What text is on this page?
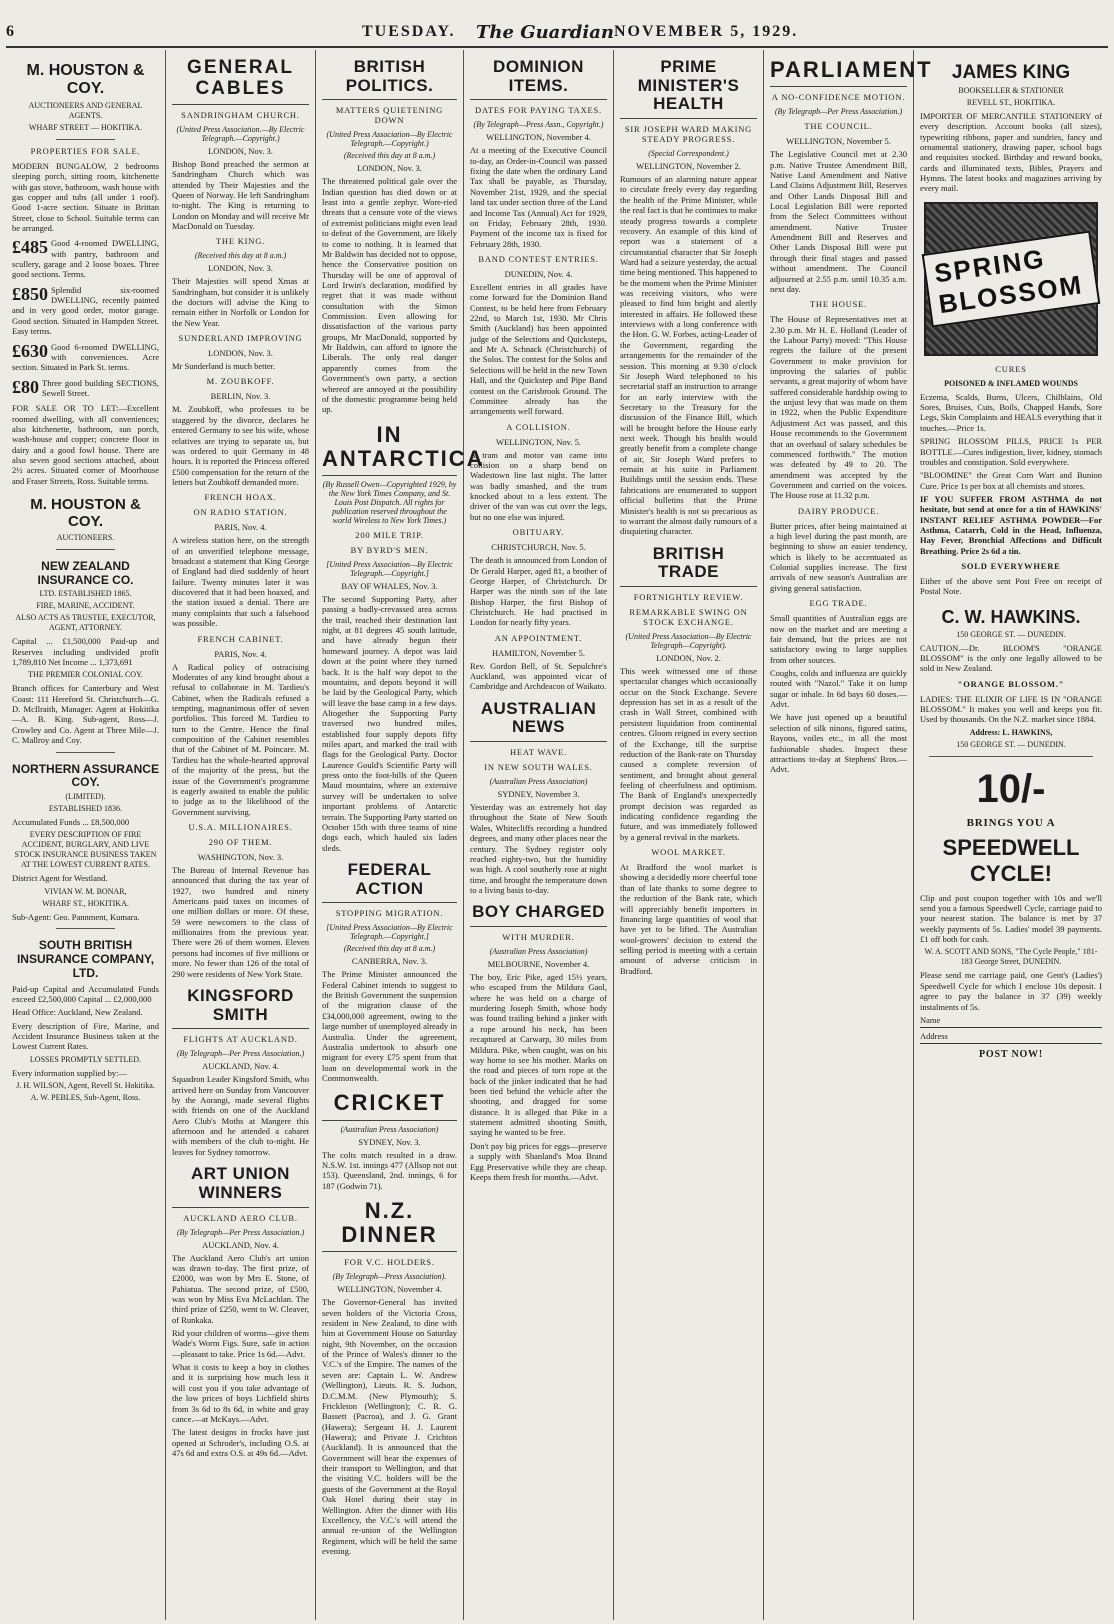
6	TUESDAY. The Guardian NOVEMBER 5, 1929.
M. HOUSTON & COY.
AUCTIONEERS AND GENERAL AGENTS.
WHARF STREET — HOKITIKA.
PROPERTIES FOR SALE.
MODERN BUNGALOW, 2 bedrooms sleeping porch, sitting room, kitchenette with gas stove, bathroom, wash house with gas copper and tubs (all under 1 roof). Good 1-acre section. Situate in Brittan Street, close to School. Suitable terms can be arranged.
£485 Good 4-roomed DWELLING, with pantry, bathroom and scullery, garage and 2 loose boxes. Three good sections. Terms.
£850 Splendid six-roomed DWELLING, recently painted and in very good order, motor garage. Good section. Situated in Hampden Street. Easy terms.
£630 Good 6-roomed DWELLING, with conveniences. Acre section. Situated in Park St. terms.
£80 Three good building SECTIONS, Sewell Street.
FOR SALE OR TO LET:—Excellent roomed dwelling, with all conveniences; also kitchenette, bathroom, sun porch, wash-house and copper; concrete floor in dairy and a good fowl house. There are also seven good sections attached, about 2½ acres. Situated corner of Moorhouse and Fraser Streets, Ross. Suitable terms.
M. HOUSTON & COY.
AUCTIONEERS.
NEW ZEALAND INSURANCE CO.
LTD. ESTABLISHED 1865.
FIRE, MARINE, ACCIDENT.
ALSO ACTS AS TRUSTEE, EXECUTOR, AGENT, ATTORNEY.
Capital ... £1,500,000 Paid-up and Reserves including undivided profit 1,789,810 Net Income ... 1,373,691
THE PREMIER COLONIAL COY.
Branch offices for Canterbury and West Coast: 111 Hereford St. Christchurch—G. D. McIlraith, Manager. Agent at Hokitika—A. B. King. Sub-agent, Ross—J. Crowley and Co. Agent at Three Mile—J. C. Mallroy and Coy.
NORTHERN ASSURANCE COY.
(LIMITED).
ESTABLISHED 1836.
Accumulated Funds ... £8,500,000
EVERY DESCRIPTION OF FIRE ACCIDENT, BURGLARY, AND LIVE STOCK INSURANCE BUSINESS TAKEN AT THE LOWEST CURRENT RATES.
District Agent for Westland.
VIVIAN W. M. BONAR,
WHARF ST., HOKITIKA.
Sub-Agent: Geo. Pannment, Kumara.
SOUTH BRITISH INSURANCE COMPANY, LTD.
Paid-up Capital and Accumulated Funds exceed £2,500,000 Capital ... £2,000,000
Head Office: Auckland, New Zealand.
Every description of Fire, Marine, and Accident Insurance Business taken at the Lowest Current Rates.
LOSSES PROMPTLY SETTLED.
Every information supplied by:—
J. H. WILSON, Agent, Revell St. Hokitika.
A. W. PEBLES, Sub-Agent, Ross.
GENERAL CABLES
SANDRINGHAM CHURCH.
(United Press Association.—By Electric Telegraph.—Copyright.)
LONDON, Nov. 3.
Bishop Bond preached the sermon at Sandringham Church which was attended by Their Majesties and the Queen of Norway. He left Sandringham to-night. The King is returning to London on Monday and will receive Mr MacDonald on Tuesday.
THE KING.
(Received this day at 8 a.m.)
LONDON, Nov. 3.
Their Majesties will spend Xmas at Sandringham, but consider it is unlikely the doctors will advise the King to remain either in Norfolk or London for the New Year.
SUNDERLAND IMPROVING
LONDON, Nov. 3.
Mr Sunderland is much better.
M. ZOUBKOFF.
BERLIN, Nov. 3.
M. Zoubkoff, who professes to be staggered by the divorce, declares he entered Germany to see his wife, whose relatives are trying to separate us, but was ordered to quit Germany in 48 hours. It is reported the Princess offered £500 compensation for the return of the letters but Zoubkoff demanded more.
FRENCH HOAX.
ON RADIO STATION.
PARIS, Nov. 4.
A wireless station here, on the strength of an unverified telephone message, broadcast a statement that King George of England had died suddenly of heart failure. Twenty minutes later it was discovered that it had been hoaxed, and the station issued a denial. There are many complaints that such a falsehood was possible.
FRENCH CABINET.
PARIS, Nov. 4.
A Radical policy of ostracising Moderates of any kind brought about a refusal to collaborate in M. Tardieu's Cabinet, when the Radicals refused a tempting, magnanimous offer of seven portfolios. This forced M. Tardieu to turn to the Centre. Hence the final composition of the Cabinet resembles that of the Cabinet of M. Poincare. M. Tardieu has the whole-hearted approval of the majority of the press, but the issue of the Government's programme is eagerly awaited to enable the public to judge as to the likelihood of the Government surviving.
U.S.A. MILLIONAIRES.
290 OF THEM.
WASHINGTON, Nov. 3.
The Bureau of Internal Revenue has announced that during the tax year of 1927, two hundred and ninety Americans paid taxes on incomes of one million dollars or more. Of these, 59 were newcomers to the class of millionaires from the previous year. There were 26 of them women. Eleven persons had incomes of five millions or more. No fewer than 126 of the total of 290 were residents of New York State.
KINGSFORD SMITH
FLIGHTS AT AUCKLAND.
(By Telegraph—Per Press Association.)
AUCKLAND, Nov. 4.
Squadron Leader Kingsford Smith, who arrived here on Sunday from Vancouver by the Aorangi, made several flights with friends on one of the Auckland Aero Club's Moths at Mangere this afternoon and he attended a cabaret with members of the club to-night. He leaves for Sydney tomorrow.
ART UNION WINNERS
AUCKLAND AERO CLUB.
(By Telegraph—Per Press Association.)
AUCKLAND, Nov. 4.
The Auckland Aero Club's art union was drawn to-day. The first prize, of £2000, was won by Mrs E. Stone, of Pahiatua. The second prize, of £500, was won by Miss Eva McLachlan. The third prize of £250, went to W. Cleaver, of Runkaka.
Rid your children of worms—give them Wade's Worm Figs. Sure, safe in action—pleasant to take. Price 1s 6d.—Advt.
What it costs to keep a boy in clothes and it is surprising how much less it will cost you if you take advantage of the low prices of boys Lichfield shirts from 3s 6d to 8s 6d, in white and gray cance.—at McKays.—Advt.
The latest designs in frocks have just opened at Schroder's, including O.S. at 47s 6d and extra O.S. at 49s 6d.—Advt.
BRITISH POLITICS.
MATTERS QUIETENING DOWN
(United Press Association—By Electric Telegraph.—Copyright.)
(Received this day at 8 a.m.)
LONDON, Nov. 3.
The threatened political gale over the Indian question has died down or at least into a gentle zephyr. Wore-ried threats that a censure vote of the views of extremist politicians might even lead to defeat of the Government, are likely to come to nothing. It is learned that Mr Baldwin has decided not to oppose, hence the Conservative position on Thursday will be one of approval of Lord Irwin's declaration, modified by regret that it was made without consultation with the Simon Commission. Even allowing for dissatisfaction of the various party groups, Mr MacDonald, supported by Mr Baldwin, can afford to ignore the Liberals. The only real danger apparently comes from the Government's own party, a section whereof are annoyed at the possibility of the domestic programme being held up.
IN ANTARCTICA
(By Russell Owen—Copyrighted 1929, by the New York Times Company, and St. Louis Post Dispatch. All rights for publication reserved throughout the world Wireless to New York Times.)
200 MILE TRIP.
BY BYRD'S MEN.
[United Press Association—By Electric Telegraph.—Copyright.]
BAY OF WHALES, Nov. 3.
The second Supporting Party, after passing a badly-crevassed area across the trail, reached their destination last night, at 81 degrees 45 south latitude, and have already begun their homeward journey. A depot was laid down at the point where they turned back. It is the half way depot to the mountains, and depots beyond it will be laid by the Geological Party, which will leave the base camp in a few days. Altogether the Supporting Party traversed two hundred miles, established four supply depots fifty miles apart, and marked the trail with flags for the Geological Party. Doctor Laurence Gould's Scientific Party will press onto the foot-hills of the Queen Maud mountains, where an extensive survey will be undertaken to solve important problems of Antarctic terrain. The Supporting Party started on October 15th with three teams of nine dogs each, which hauled six laden sleds.
FEDERAL ACTION
STOPPING MIGRATION.
[United Press Association—By Electric Telegraph.—Copyright.]
(Received this day at 8 a.m.)
CANBERRA, Nov. 3.
The Prime Minister announced the Federal Cabinet intends to suggest to the British Government the suspension of the migration clause of the £34,000,000 agreement, owing to the large number of unemployed already in Australia. Under the agreement, Australia undertook to absorb one migrant for every £75 spent from that loan on developmental work in the Commonwealth.
CRICKET
(Australian Press Association)
SYDNEY, Nov. 3.
The colts match resulted in a draw. N.S.W. 1st. innings 477 (Allsop not out 153). Queensland, 2nd. innings, 6 for 187 (Godwin 71).
N.Z. DINNER
FOR V.C. HOLDERS.
(By Telegraph—Press Association).
WELLINGTON, November 4.
The Governor-General has invited seven holders of the Victoria Cross, resident in New Zealand, to dine with him at Government House on Saturday night, 9th November, on the occasion of the Prince of Wales's dinner to the V.C.'s of the Empire. The names of the seven are: Captain L. W. Andrew (Wellington), Lieuts. R. S. Judson, D.C.M.M. (New Plymouth); S. Frickleton (Wellington); C. R. G. Bassett (Pacroa), and J. G. Grant (Hawera); Sergeant H. J. Laurent (Hawera); and Private J. Crichton (Auckland). It is announced that the Government will bear the expenses of their transport to Wellington, and that the visiting V.C. holders will be the guests of the Government at the Royal Oak Hotel during their stay in Wellington. After the dinner with His Excellency, the V.C.'s will attend the annual re-union of the Wellington Regiment, which will be held the same evening.
DOMINION ITEMS.
DATES FOR PAYING TAXES.
(By Telegraph—Press Assn., Copyright.)
WELLINGTON, November 4.
At a meeting of the Executive Council to-day, an Order-in-Council was passed fixing the date when the ordinary Land Tax shall be payable, as Thursday, November 21st, 1929, and the special land tax under section three of the Land and Income Tax (Annual) Act for 1929, on Friday, February 28th, 1930. Payment of the income tax is fixed for February 28th, 1930.
BAND CONTEST ENTRIES.
DUNEDIN, Nov. 4.
Excellent entries in all grades have come forward for the Dominion Band Contest, to be held here from February 22nd, to March 1st, 1930. Mr Chris Smith (Auckland) has been appointed judge of the Selections and Quicksteps, and Mr A. Schnack (Christchurch) of the Solos. The contest for the Solos and Selections will be held in the new Town Hall, and the Quickstep and Pipe Band contest on the Carisbrook Ground. The Committee already has the arrangements well forward.
A COLLISION.
WELLINGTON, Nov. 5.
A tram and motor van came into collision on a sharp bend on Wadestown line last night. The latter was badly smashed, and the tram knocked about to a less extent. The driver of the van was cut over the legs, but no one else was injured.
OBITUARY.
CHRISTCHURCH, Nov. 5.
The death is announced from London of Dr Gerald Harper, aged 81, a brother of George Harper, of Christchurch. Dr Harper was the ninth son of the late Bishop Harper, the first Bishop of Christchurch. He had practised in London for nearly fifty years.
AN APPOINTMENT.
HAMILTON, November 5.
Rev. Gordon Bell, of St. Sepulchre's Auckland, was appointed vicar of Cambridge and Archdeacon of Waikato.
AUSTRALIAN NEWS
HEAT WAVE.
IN NEW SOUTH WALES.
(Australian Press Association)
SYDNEY, November 3.
Yesterday was an extremely hot day throughout the State of New South Wales, Whitecliffs recording a hundred degrees, and many other places near the century. The Sydney register only reached eighty-two, but the humidity was high. A cool southerly rose at night time, and brought the temperature down to a living basis to-day.
BOY CHARGED
WITH MURDER.
(Australian Press Association)
MELBOURNE, November 4.
The boy, Eric Pike, aged 15½ years, who escaped from the Mildura Gaol, where he was held on a charge of murdering Joseph Smith, whose body was found trailing behind a jinker with a rope around his neck, has been recaptured at Carwarp, 30 miles from Mildura. Pike, when caught, was on his way home to see his mother. Marks on the road and pieces of torn rope at the back of the jinker indicated that he had been tied behind the vehicle after the shooting, and dragged for some distance. It is alleged that Pike in a statement admitted shooting Smith, saying he wanted to be free.
Don't pay big prices for eggs—preserve a supply with Shanland's Moa Brand Egg Preservative while they are cheap. Keeps them fresh for months.—Advt.
PRIME MINISTER'S HEALTH
SIR JOSEPH WARD MAKING STEADY PROGRESS.
(Special Correspondent.)
WELLINGTON, November 2.
Rumours of an alarming nature appear to circulate freely every day regarding the health of the Prime Minister, while the real fact is that he continues to make steady progress towards a complete recovery. An example of this kind of report was a statement of a circumstantial character that Sir Joseph Ward had a seizure yesterday, the actual time being mentioned. This happened to be the moment when the Prime Minister was receiving visitors, who were pleased to find him bright and alertly interested in affairs. He followed these interviews with a long conference with the Hon. G. W. Forbes, acting-Leader of the Government, regarding the arrangements for the remainder of the session. This morning at 9.30 o'clock Sir Joseph Ward telephoned to his secretarial staff an instruction to arrange for an early interview with the Secretary to the Treasury for the discussion of the Finance Bill, which will be brought before the House early next week. Though his health would greatly benefit from a complete change of air, Sir Joseph Ward prefers to remain at his suite in Parliament Buildings until the session ends. These fabrications are enumerated to support official bulletins that the Prime Minister's health is not so precarious as to warrant the almost daily rumours of a disquieting character.
BRITISH TRADE
FORTNIGHTLY REVIEW.
REMARKABLE SWING ON STOCK EXCHANGE.
(United Press Association—By Electric Telegraph—Copyright).
LONDON, Nov. 2.
This week witnessed one of those spectacular changes which occasionally occur on the Stock Exchange. Severe depression has set in as a result of the crash in Wall Street, combined with persistent liquidation from continental centres. Gloom reigned in every section of the Exchange, till the surprise reduction of the Bank-rate on Thursday caused a complete reversion of sentiment, and brought about general feeling of cheerfulness and optimism. The Bank of England's unexpectedly prompt decision was regarded as indicating confidence regarding the future, and was immediately followed by a general revival in the markets.
WOOL MARKET.
At Bradford the wool market is showing a decidedly more cheerful tone than of late thanks to some degree to the reduction of the Bank rate, which will appreciably benefit importers in financing large quantities of wool that have yet to be lifted. The Australian wool-growers' decision to extend the selling period is meeting with a certain amount of adverse criticism in Bradford.
PARLIAMENT
A NO-CONFIDENCE MOTION.
(By Telegraph—Per Press Association.)
THE COUNCIL.
WELLINGTON, November 5.
The Legislative Council met at 2.30 p.m. Native Trustee Amendment Bill, Native Land Amendment and Native Land Claims Adjustment Bill, Reserves and Other Lands Disposal Bill and Local Legislation Bill were reported from the Select Committees without amendment. Native Trustee Amendment Bill and Reserves and Other Lands Disposal Bill were put through their final stages and passed without amendment. The Council adjourned at 2.55 p.m. until 10.35 a.m. next day.
THE HOUSE.
The House of Representatives met at 2.30 p.m. Mr H. E. Holland (Leader of the Labour Party) moved: "This House regrets the failure of the present Government to make provision for improving the salaries of public servants, a great majority of whom have suffered considerable hardship owing to the unjust levy that was made on them in 1922, when the Public Expenditure Adjustment Act was passed, and this House recommends to the Government that an overhaul of salary schedules be commenced forthwith." The motion was defeated by 49 to 20. The amendment was accepted by the Government and carried on the voices. The House rose at 11.32 p.m.
DAIRY PRODUCE.
Butter prices, after being maintained at a high level during the past month, are beginning to show an easier tendency, which is likely to be accentuated as Colonial supplies increase. The first arrivals of new season's Australian are giving general satisfaction.
EGG TRADE.
Small quantities of Australian eggs are now on the market and are meeting a fair demand, but the prices are not satisfactory owing to large supplies from other sources.
Coughs, colds and influenza are quickly routed with "Nazol." Take it on lump sugar or inhale. In 6d bays 60 doses.—Advt.
We have just opened up a beautiful selection of silk ninons, figured satins, Rayons, voiles etc., in all the most fashionable shades. Inspect these attractions to-day at Stephens' Bros.—Advt.
JAMES KING
BOOKSELLER & STATIONER
REVELL ST., HOKITIKA.
IMPORTER OF MERCANTILE STATIONERY of every description. Account books (all sizes), typewriting ribbons, paper and sundries, fancy and ornamental stationery, drawing paper, school bags and requisites stocked. Birthday and reward books, cards and illuminated texts, Bibles, Prayers and Hymns. The latest books and magazines arriving by every mail.
SPRING BLOSSOM
CURES
POISONED & INFLAMED WOUNDS
Eczema, Scalds, Burns, Ulcers, Chilblains, Old Sores, Bruises, Cuts, Boils, Chapped Hands, Sore Legs, Skin Complaints and HEALS everything that it touches.—Price 1s.
SPRING BLOSSOM PILLS, PRICE 1s PER BOTTLE.—Cures indigestion, liver, kidney, stomach troubles and constipation. Sold everywhere.
"BLOOMINE" the Great Corn Wart and Bunion Cure. Price 1s per box at all chemists and stores.
IF YOU SUFFER FROM ASTHMA do not hesitate, but send at once for a tin of HAWKINS' INSTANT RELIEF ASTHMA POWDER—For Asthma, Catarrh, Cold in the Head, Influenza, Hay Fever, Bronchial Affections and Difficult Breathing. Price 2s 6d a tin.
SOLD EVERYWHERE
Either of the above sent Post Free on receipt of Postal Note.
C. W. HAWKINS.
150 GEORGE ST. — DUNEDIN.
CAUTION.—Dr. BLOOM'S "ORANGE BLOSSOM" is the only one legally allowed to be sold in New Zealand.
"ORANGE BLOSSOM."
LADIES: THE ELIXIR OF LIFE IS IN "ORANGE BLOSSOM." It makes you well and keeps you fit. Used by thousands. On the N.Z. market since 1884.
Address: L. HAWKINS,
150 GEORGE ST. — DUNEDIN.
10/-
BRINGS YOU A
SPEEDWELL CYCLE!
Clip and post coupon together with 10s and we'll send you a famous Speedwell Cycle, carriage paid to your nearest station. The balance is met by 37 weekly payments of 5s. Ladies' model 39 payments. £1 off both for cash.
W. A. SCOTT AND SONS, "The Cycle People," 181-183 George Street, DUNEDIN.
Please send me carriage paid, one Gent's (Ladies') Speedwell Cycle for which I enclose 10s deposit. I agree to pay the balance in 37 (39) weekly instalments of 5s.
Name
Address
POST NOW!
